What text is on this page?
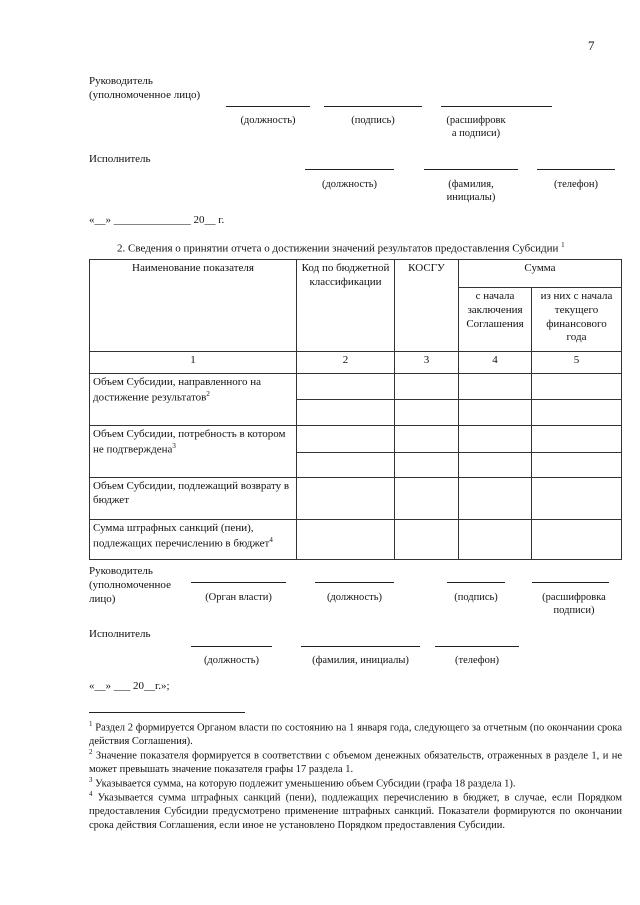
7
Руководитель
(уполномоченное лицо)
(должность)	(подпись)	(расшифровк
а подписи)
Исполнитель
(должность)	(фамилия,
инициалы)
(телефон)
«__» ______________ 20__ г.
2. Сведения о принятии отчета о достижении значений результатов предоставления Субсидии $^1$
Наименование показателя	Код по бюджетной классификации	КОСГУ	Сумма	
			с начала заключения Соглашения	из них с начала текущего финансового года
1	2	3	4	5
Объем Субсидии, направленного на достижение результатов$^2$				

Объем Субсидии, потребность в котором не подтверждена$^3$				

Объем Субсидии, подлежащий возврату в бюджет				
Сумма штрафных санкций (пени), подлежащих перечислению в бюджет$^4$				
Руководитель
(уполномоченное
лицо)	(Орган власти)	(должность)	(подпись)	(расшифровка
подписи)
Исполнитель
(должность)	(фамилия, инициалы)	(телефон)
«__» ___ 20__г.»;
$^1$ Раздел 2 формируется Органом власти по состоянию на 1 января года, следующего за отчетным (по окончании срока действия Соглашения).
$^2$ Значение показателя формируется в соответствии с объемом денежных обязательств, отраженных в разделе 1, и не может превышать значение показателя графы 17 раздела 1.
$^3$ Указывается сумма, на которую подлежит уменьшению объем Субсидии (графа 18 раздела 1).
$^4$ Указывается сумма штрафных санкций (пени), подлежащих перечислению в бюджет, в случае, если Порядком предоставления Субсидии предусмотрено применение штрафных санкций. Показатели формируются по окончании срока действия Соглашения, если иное не установлено Порядком предоставления Субсидии.
